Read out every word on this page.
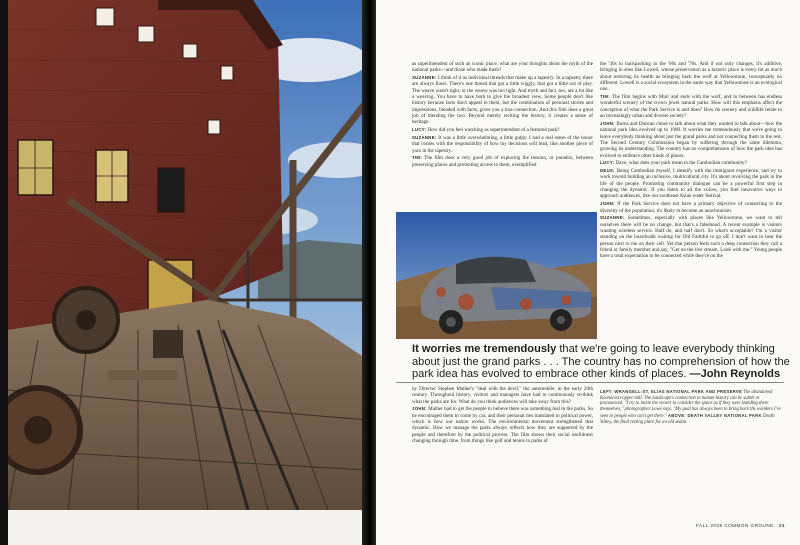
as superintendent of such an iconic place, what are your thoughts about the myth of the national parks—and those who made them?

SUZANNE: I think of it as individual threads that make up a tapestry. In a tapestry there are always flaws. There's one thread that got a little wiggly, that got a little out of play. The weave wasn't tight, or the weave was too tight. And myth and fact, too, are a lot like a weaving. You have to have both to give the broadest view. Some people don't like history because facts don't appeal to them, but the combination of personal stories and impressions, blended with facts, gives you a true connection. And this film does a great job of blending the two. Beyond merely reciting the history, it creates a sense of heritage.

LUCY: How did you feel watching as superintendent of a featured park?

SUZANNE: It was a little overwhelming, a little gulpy. I had a real sense of the honor that comes with the responsibility of how my decisions will lead, like another piece of yarn in the tapestry.

TIM: The film does a very good job of exploring the tension, or paradox, between preserving places and promoting access to them, exemplified

the '30s to backpacking in the '60s and '70s. And if not only changes, it's additive, bringing in sites like Lowell, whose preservation as a historic place is every bit as much about restoring its health as bringing back the wolf at Yellowstone, conceptually no different. Lowell is a social ecosystem in the same way that Yellowstone is an ecological one.

TIM: The film begins with Muir and ends with the wolf, and in between has endless wonderful scenery of the crown jewel natural parks. How will this emphasis affect the conception of what the Park Service is and does? How do scenery and wildlife relate to an increasingly urban and diverse society?

JOHN: Burns and Duncan chose to talk about what they wanted to talk about—how the national park idea evolved up to 1980. It worries me tremendously that we're going to leave everybody thinking about just the grand parks and not connecting them to the rest. The Second Century Commission began by suffering through the same dilemma, growing its understanding. The country has no comprehension of how the park idea has evolved to embrace other kinds of places.

LUCY: Dave, what does your park mean to the Cambodian community?

DEUS: Being Cambodian myself, I identify with the immigrant experience, and try to work toward building an inclusive, multicultural city. It's about involving the park in the life of the people. Promoting community dialogue can be a powerful first step in changing the dynamic. If you listen to all the voices, you find innovative ways to approach audiences, like our southeast Asian water festival.

JOHN: If the Park Service does not have a primary objective of connecting to the diversity of the population, it's likely to become an anachronism.

SUZANNE: Sometimes, especially with places like Yellowstone, we want to tell ourselves there will be no change, but that's a falsehood. A recent example is visitors wanting wireless service. Half do, and half don't. So what's acceptable? I'm a visitor standing on the boardwalk waiting for Old Faithful to go off. I don't want to hear the person next to me on their cell. Yet that person feels such a deep connection they call a friend or family member and say, "Get on the live stream. Look with me." Young people have a total expectation to be connected while they're on the

It worries me tremendously that we're going to leave everybody thinking about just the grand parks . . . The country has no comprehension of how the park idea has evolved to embrace other kinds of places. —John Reynolds

by Director Stephen Mather's "deal with the devil," the automobile, in the early 20th century. Throughout history, visitors and managers have had to continuously re-think what the parks are for. What do you think audiences will take away from this?

JOHN: Mather had to get the people to believe there was something real in the parks. So he encouraged them to come by car, and their personal ties translated to political power, which is how our nation works. The environmental movement strengthened that dynamic. How we manage the parks always reflects how they are supported by the people and therefore by the political process. The film shows their social usefulness changing through time, from things like golf and tennis in parks of

LEFT: WRANGELL-ST. ELIAS NATIONAL PARK AND PRESERVE The abandoned Kennecott copper mill. The landscape's connection to human history can be subtle or pronounced. "I try to invite the viewer to consider the space as if they were standing there themselves," photographer Lowe says. "My goal has always been to bring back the wonders I've seen to people who can't get there." ABOVE: DEATH VALLEY NATIONAL PARK Death Valley, the final resting place for an old sedan.
FALL 2009 COMMON GROUND 21
